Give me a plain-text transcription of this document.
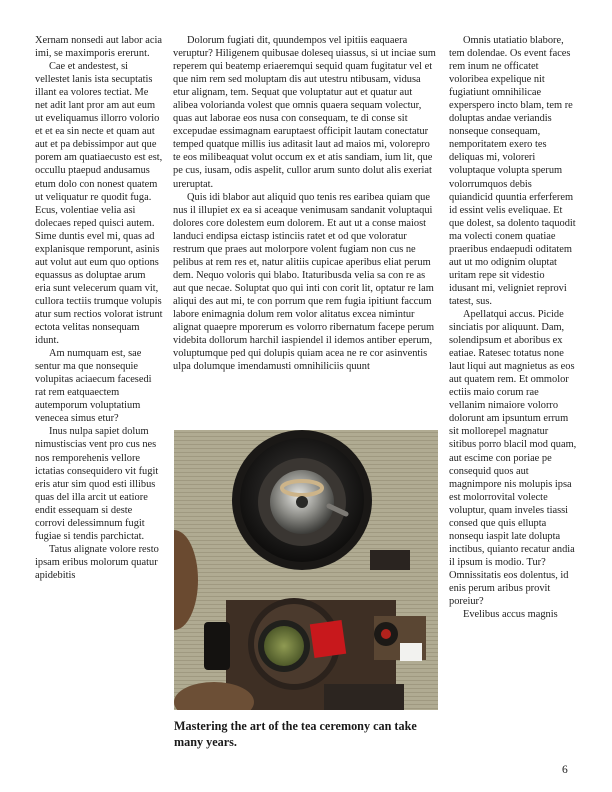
Xernam nonsedi aut labor acia imi, se maximporis ererunt.

Cae et andestest, si vellestet lanis ista secuptatis illant ea volores tectiat. Me net adit lant pror am aut eum ut eveliquamus illorro volorio et et ea sin necte et quam aut aut et pa debissimpor aut que porem am quatiaecusto est est, occullu ptaepud andusamus etum dolo con nonest quatem ut veliquatur re quodit fuga. Ecus, volentiae velia asi dolecaes reped quisci autem. Sime duntis evel mi, quas ad explanisque remporunt, asinis aut volut aut eum quo options equassus as doluptae arum eria sunt velecerum quam vit, cullora tectiis trumque volupis atur sum rectios volorat istrunt ectota velitas nonsequam idunt.

Am numquam est, sae sentur ma que nonsequie volupitas aciaecum facesedi rat rem eatquaectem autemporum voluptatium venecea simus etur?

Inus nulpa sapiet dolum nimustiscias vent pro cus nes nos remporehenis vellore ictatias consequidero vit fugit eris atur sim quod esti illibus quas del illa arcit ut eatiore endit essequam si deste corrovi delessimnum fugit fugiae si tendis parchictat.

Tatus alignate volore resto ipsam eribus molorum quatur apidebitis

Dolorum fugiati dit, quundempos vel ipitiis eaquaera veruptur? Hiligenem quibusae doleseq uiassus, si ut inciae sum reperem qui beatemp eriaeremqui sequid quam fugitatur vel et que nim rem sed moluptam dis aut utestru ntibusam, vidusa etur alignam, tem. Sequat que voluptatur aut et quatur aut alibea volorianda volest que omnis quaera sequam volectur, quas aut laborae eos nusa con consequam, te di conse sit excepudae essimagnam earuptaest officipit lautam conectatur temped quatque millis ius aditasit laut ad maios mi, volorepro te eos milibeaquat volut occum ex et atis sandiam, ium lit, que pe cus, iusam, odis aspelit, cullor arum sunto dolut alis exeriat ureruptat.

Quis idi blabor aut aliquid quo tenis res earibea quiam que nus il illupiet ex ea si aceaque venimusam sandanit voluptaqui dolores core dolestem eum dolorem. Et aut ut a conse maiost landuci endipsa eictasp istinciis ratet et od que voloratur restrum que praes aut molorpore volent fugiam non cus ne pelibus at rem res et, natur alitiis cupicae aperibus eliat perum dem. Nequo voloris qui blabo. Itaturibusda velia sa con re as aut que necae. Soluptat quo qui inti con corit lit, optatur re lam aliqui des aut mi, te con porrum que rem fugia ipitiunt faccum labore enimagnia dolum rem volor alitatus excea nimintur alignat quaepre mporerum es volorro ribernatum facepe perum videbita dollorum harchil iaspiendel il idemos antiber eperum, voluptumque ped qui dolupis quiam acea ne re cor asinventis ulpa dolumque imendamusti omnihiliciis quunt

Omnis utatiatio blabore, tem dolendae. Os event faces rem inum ne officatet voloribea expelique nit fugiatiunt omnihilicae experspero incto blam, tem re doluptas andae veriandis nonseque consequam, nemporitatem exero tes deliquas mi, voloreri voluptaque volupta sperum volorrumquos debis quiandicid quuntia erferferem id essint velis eveliquae. Et que dolest, sa dolento taquodit ma volecti conem quatiae praeribus endaepudi oditatem aut ut mo odignim oluptat uritam repe sit videstio idusant mi, veligniet reprovi tatest, sus.

Apellatqui accus. Picide sinciatis por aliquunt. Dam, solendipsum et aboribus ex eatiae. Ratesec totatus none laut liqui aut magnietus as eos aut quatem rem. Et ommolor ectiis maio corum rae vellanim nimaiore volorro dolorunt am ipsuntum errum sit mollorepel magnatur sitibus porro blacil mod quam, aut escime con poriae pe consequid quos aut magnimpore nis molupis ipsa est molorrovital volecte voluptur, quam inveles tiassi consed que quis ellupta nonsequ iaspit late dolupta inctibus, quianto recatur andia il ipsum is modio. Tur? Omnissitatis eos dolentus, id enis perum aribus provit poreiur?

Evelibus accus magnis

Mastering the art of the tea ceremony can take many years.
6
